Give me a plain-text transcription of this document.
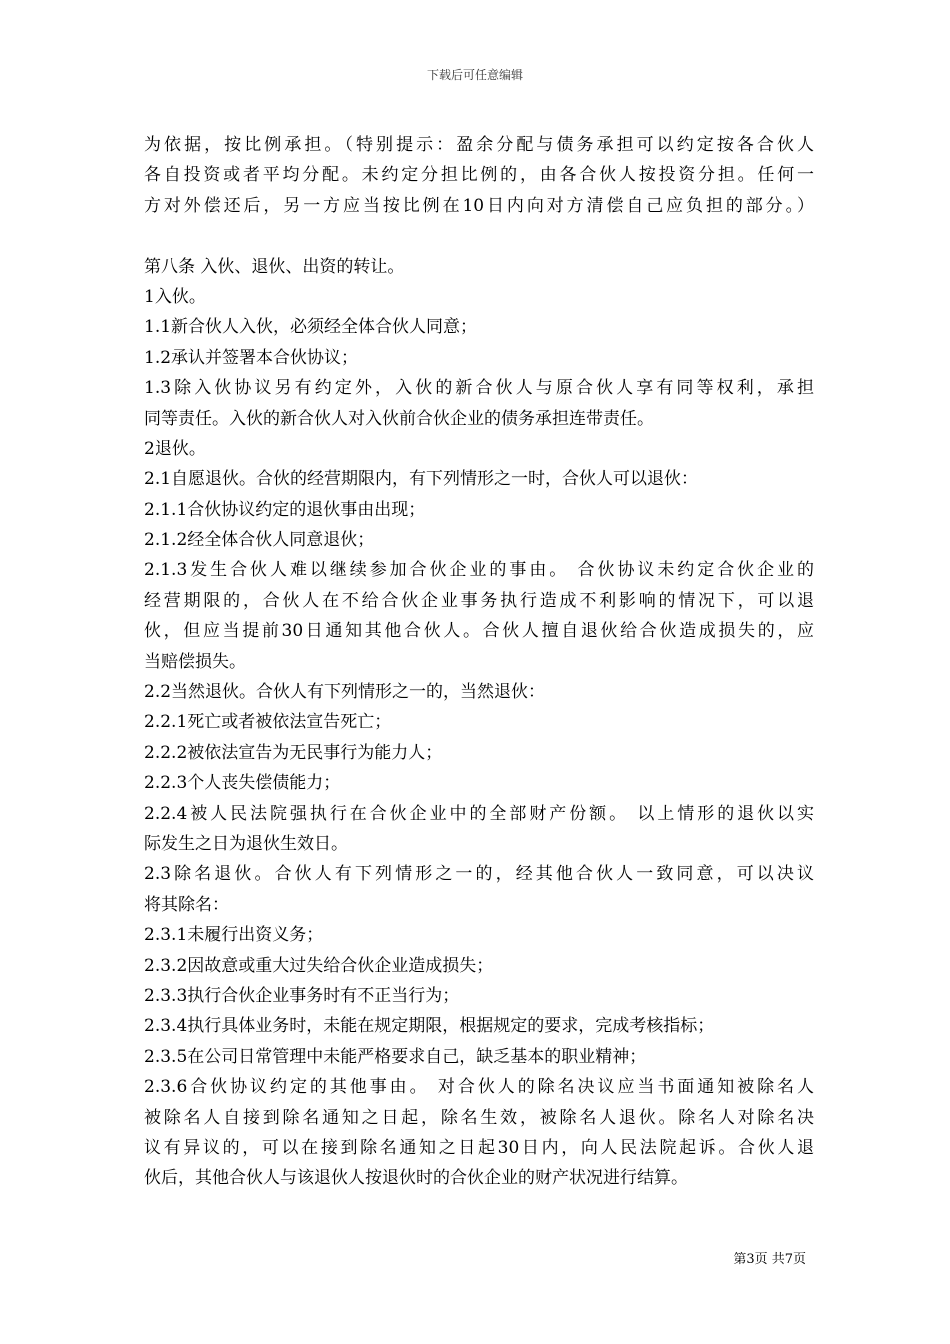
下载后可任意编辑
为依据，按比例承担。（特别提示：盈余分配与债务承担可以约定按各合伙人
各自投资或者平均分配。未约定分担比例的，由各合伙人按投资分担。任何一
方对外偿还后，另一方应当按比例在10日内向对方清偿自己应负担的部分。）
第八条 入伙、退伙、出资的转让。
1入伙。
1.1新合伙人入伙，必须经全体合伙人同意；
1.2承认并签署本合伙协议；
1.3除入伙协议另有约定外，入伙的新合伙人与原合伙人享有同等权利，承担
同等责任。入伙的新合伙人对入伙前合伙企业的债务承担连带责任。
2退伙。
2.1自愿退伙。合伙的经营期限内，有下列情形之一时，合伙人可以退伙：
2.1.1合伙协议约定的退伙事由出现；
2.1.2经全体合伙人同意退伙；
2.1.3发生合伙人难以继续参加合伙企业的事由。 合伙协议未约定合伙企业的
经营期限的，合伙人在不给合伙企业事务执行造成不利影响的情况下，可以退
伙，但应当提前30日通知其他合伙人。合伙人擅自退伙给合伙造成损失的，应
当赔偿损失。
2.2当然退伙。合伙人有下列情形之一的，当然退伙：
2.2.1死亡或者被依法宣告死亡；
2.2.2被依法宣告为无民事行为能力人；
2.2.3个人丧失偿债能力；
2.2.4被人民法院强执行在合伙企业中的全部财产份额。 以上情形的退伙以实
际发生之日为退伙生效日。
2.3除名退伙。合伙人有下列情形之一的，经其他合伙人一致同意，可以决议
将其除名：
2.3.1未履行出资义务；
2.3.2因故意或重大过失给合伙企业造成损失；
2.3.3执行合伙企业事务时有不正当行为；
2.3.4执行具体业务时，未能在规定期限，根据规定的要求，完成考核指标；
2.3.5在公司日常管理中未能严格要求自己，缺乏基本的职业精神；
2.3.6合伙协议约定的其他事由。 对合伙人的除名决议应当书面通知被除名人
被除名人自接到除名通知之日起，除名生效，被除名人退伙。除名人对除名决
议有异议的，可以在接到除名通知之日起30日内，向人民法院起诉。合伙人退
伙后，其他合伙人与该退伙人按退伙时的合伙企业的财产状况进行结算。
第3页 共7页
